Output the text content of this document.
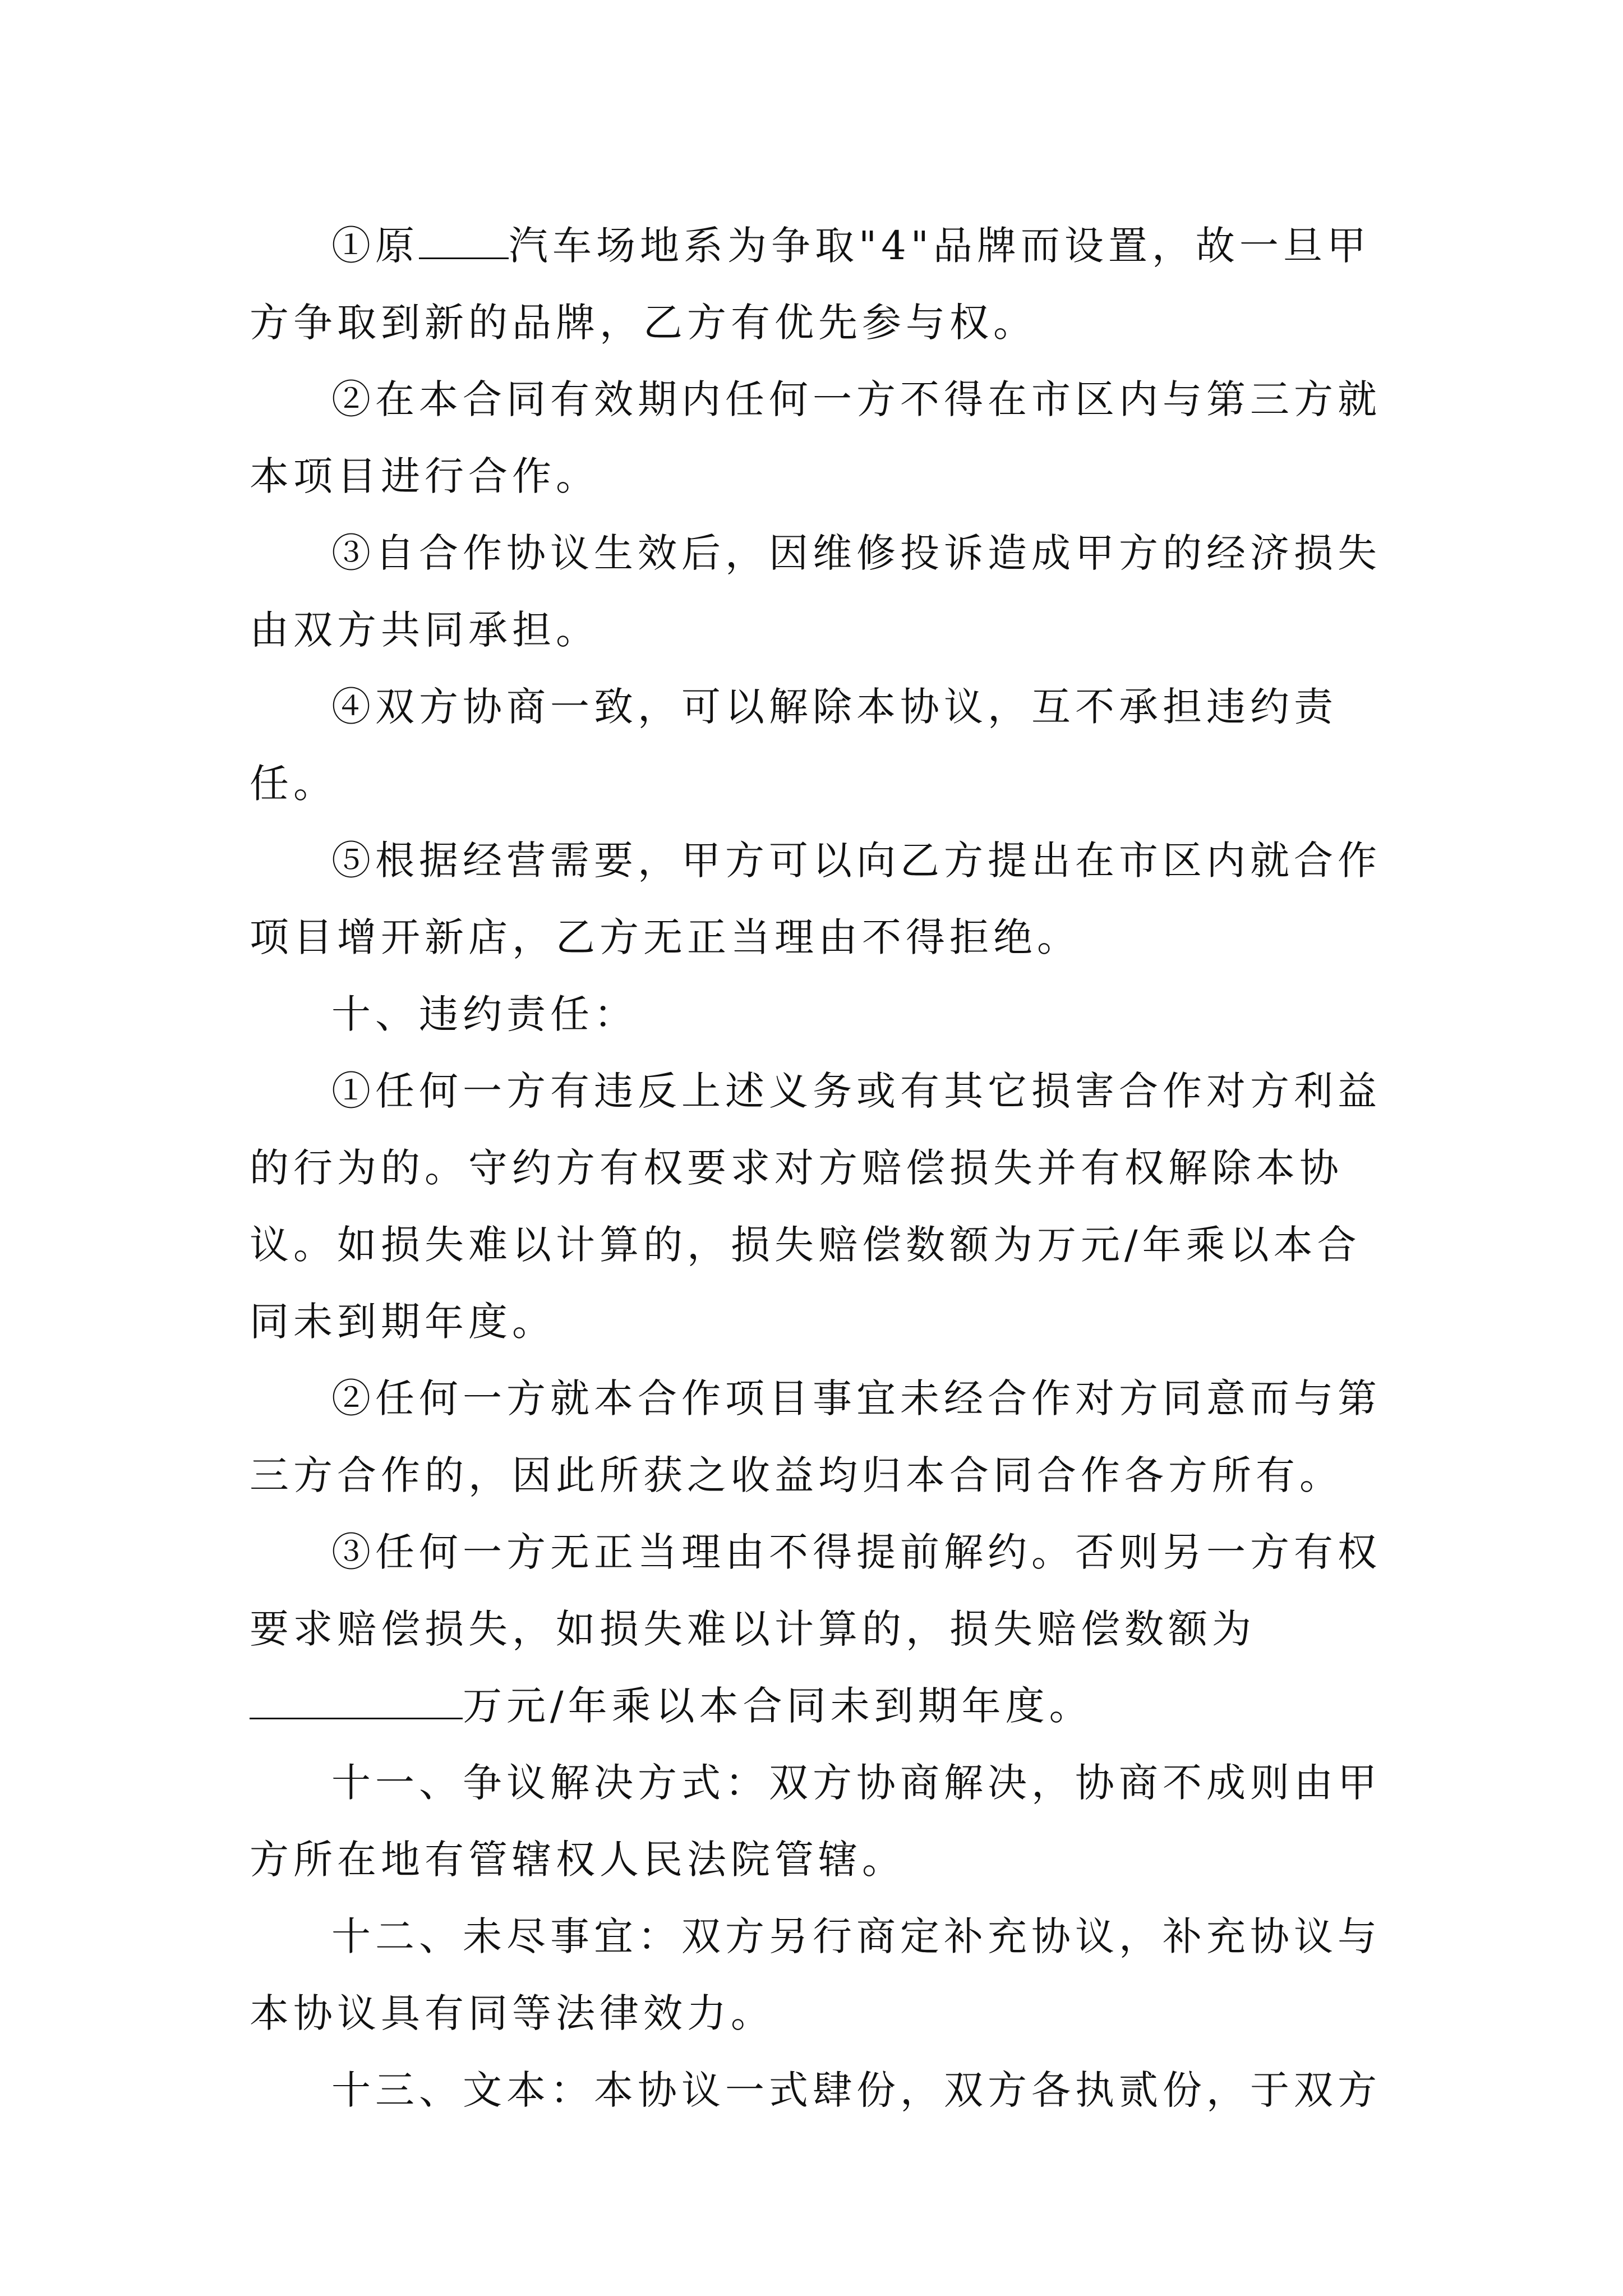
①原 汽车场地系为争取"4"品牌而设置，故一旦甲方争取到新的品牌，乙方有优先参与权。

②在本合同有效期内任何一方不得在市区内与第三方就本项目进行合作。

③自合作协议生效后，因维修投诉造成甲方的经济损失由双方共同承担。

④双方协商一致，可以解除本协议，互不承担违约责任。

⑤根据经营需要，甲方可以向乙方提出在市区内就合作项目增开新店，乙方无正当理由不得拒绝。

十、违约责任：

①任何一方有违反上述义务或有其它损害合作对方利益的行为的。守约方有权要求对方赔偿损失并有权解除本协议。如损失难以计算的，损失赔偿数额为万元/年乘以本合同未到期年度。

②任何一方就本合作项目事宜未经合作对方同意而与第三方合作的，因此所获之收益均归本合同合作各方所有。

③任何一方无正当理由不得提前解约。否则另一方有权要求赔偿损失，如损失难以计算的，损失赔偿数额为万元/年乘以本合同未到期年度。

十一、争议解决方式：双方协商解决，协商不成则由甲方所在地有管辖权人民法院管辖。

十二、未尽事宜：双方另行商定补充协议，补充协议与本协议具有同等法律效力。

十三、文本：本协议一式肆份，双方各执贰份，于双方
